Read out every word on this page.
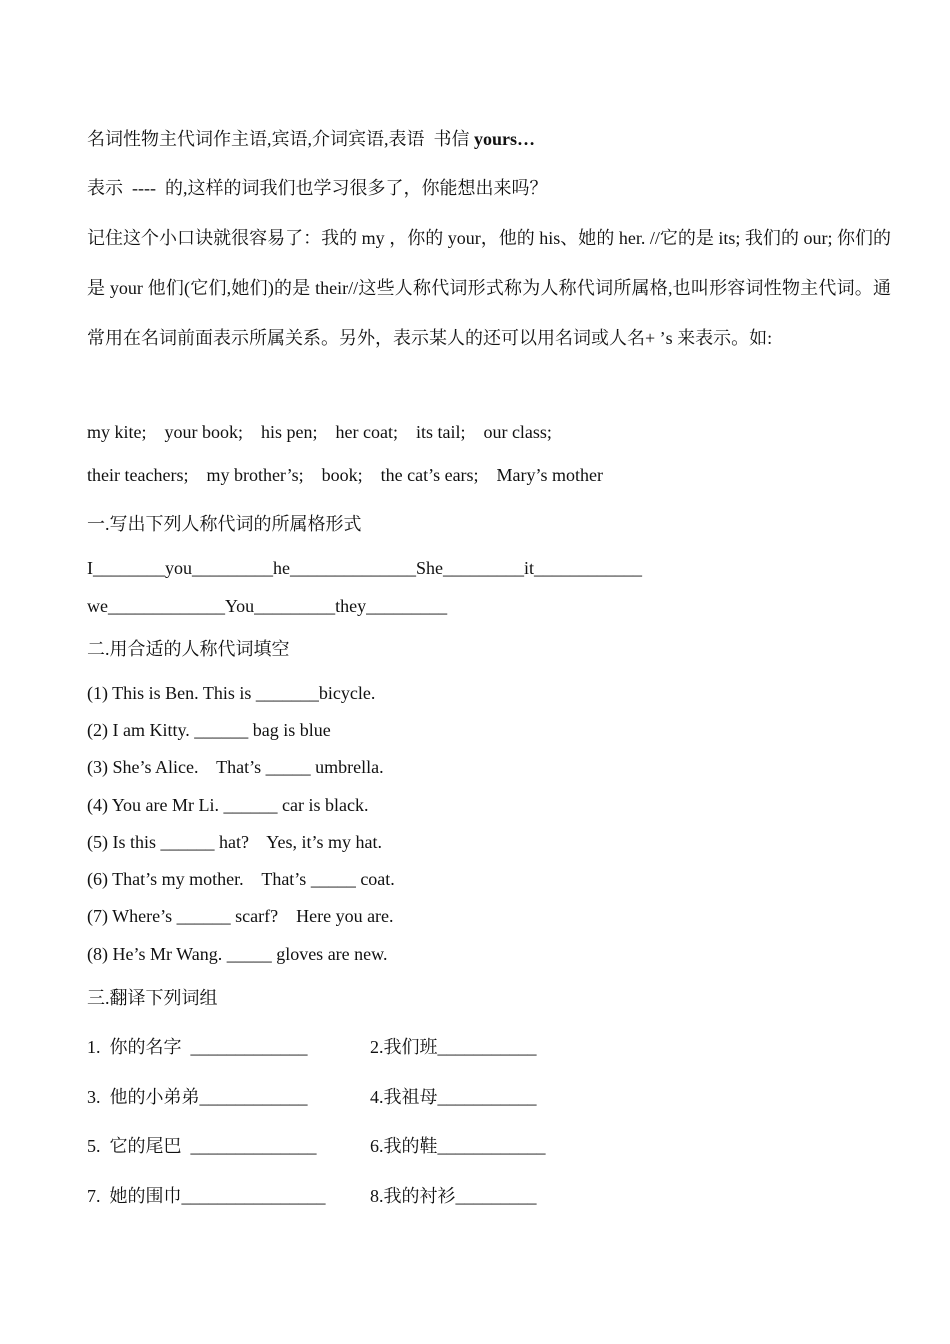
名词性物主代词作主语,宾语,介词宾语,表语  书信 yours…
表示  ----  的,这样的词我们也学习很多了，你能想出来吗？
记住这个小口诀就很容易了：我的 my ，你的 your，他的 his、她的 her. //它的是 its; 我们的 our; 你们的是 your 他们(它们,她们)的是 their//这些人称代词形式称为人称代词所属格,也叫形容词性物主代词。通常用在名词前面表示所属关系。另外，表示某人的还可以用名词或人名+ ’s 来表示。如:
my kite;    your book;    his pen;    her coat;    its tail;    our class;
their teachers;    my brother’s;    book;    the cat’s ears;    Mary’s mother
一.写出下列人称代词的所属格形式
I________you_________he______________She_________it____________
we_____________You_________they_________
二.用合适的人称代词填空
(1) This is Ben. This is _______bicycle.
(2) I am Kitty. ______ bag is blue
(3) She’s Alice.    That’s _____ umbrella.
(4) You are Mr Li. ______ car is black.
(5) Is this ______ hat?    Yes, it’s my hat.
(6) That’s my mother.    That’s _____ coat.
(7) Where’s ______ scarf?    Here you are.
(8) He’s Mr Wang. _____ gloves are new.
三.翻译下列词组
1.  你的名字  _____________	2.我们班___________
3.  他的小弟弟____________	4.我祖母___________
5.  它的尾巴  ______________	6.我的鞋____________
7.  她的围巾________________ 8.我的衬衫_________
